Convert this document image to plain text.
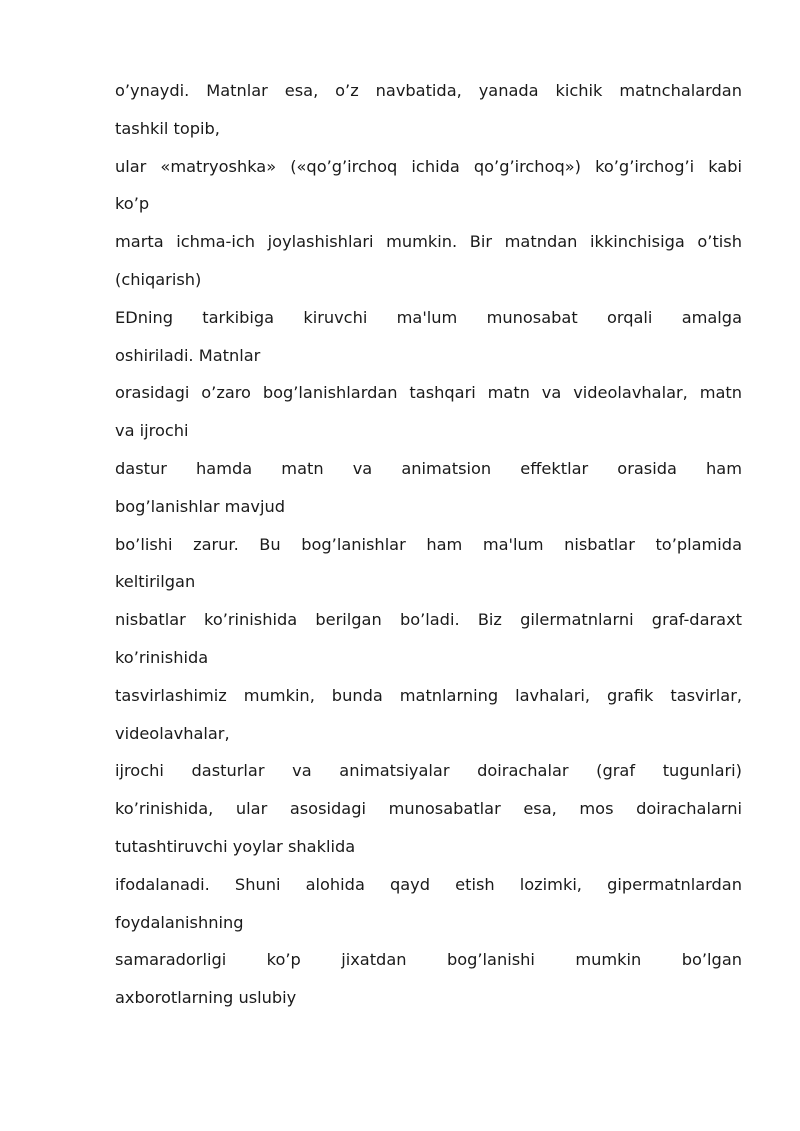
o’ynaydi. Matnlar esa, o’z navbatida, yanada kichik matnchalardan
tashkil topib,
ular «matryoshka» («qo’g’irchoq ichida qo’g’irchoq») ko’g’irchog’i kabi
ko’p
marta ichma-ich joylashishlari mumkin. Bir matndan ikkinchisiga o’tish
(chiqarish)
EDning tarkibiga kiruvchi ma'lum munosabat orqali amalga
oshiriladi. Matnlar
orasidagi o’zaro bog’lanishlardan tashqari matn va videolavhalar, matn
va ijrochi
dastur hamda matn va animatsion effektlar orasida ham
bog’lanishlar mavjud
bo’lishi zarur. Bu bog’lanishlar ham ma'lum nisbatlar to’plamida
keltirilgan
nisbatlar ko’rinishida berilgan bo’ladi. Biz gilermatnlarni graf-daraxt
ko’rinishida
tasvirlashimiz mumkin, bunda matnlarning lavhalari, grafik tasvirlar,
videolavhalar,
ijrochi dasturlar va animatsiyalar doirachalar (graf tugunlari)
ko’rinishida, ular asosidagi munosabatlar esa, mos doirachalarni
tutashtiruvchi yoylar shaklida
ifodalanadi. Shuni alohida qayd etish lozimki, gipermatnlardan
foydalanishning
samaradorligi ko’p jixatdan bog’lanishi mumkin bo’lgan
axborotlarning uslubiy
